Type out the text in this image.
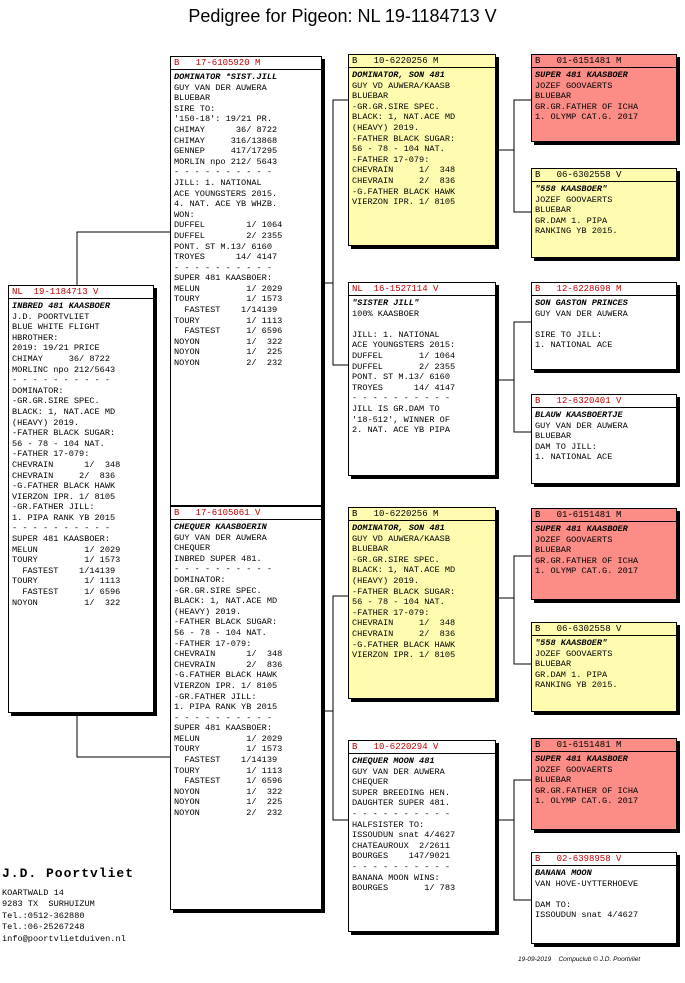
Pedigree for Pigeon: NL 19-1184713 V
NL  19-1184713 V
INBRED 481 KAASBOER
J.D. POORTVLIET
BLUE WHITE FLIGHT
HBROTHER:
2019: 19/21 PRICE
CHIMAY     36/ 8722
MORLINC npo 212/5643
- - - - - - - - - -
DOMINATOR:
-GR.GR.SIRE SPEC.
BLACK: 1, NAT.ACE MD
(HEAVY) 2019.
-FATHER BLACK SUGAR:
56 - 78 - 104 NAT.
-FATHER 17-079:
CHEVRAIN      1/  348
CHEVRAIN     2/  836
-G.FATHER BLACK HAWK
VIERZON IPR. 1/ 8105
-GR.FATHER JILL:
1. PIPA RANK YB 2015
- - - - - - - - - -
SUPER 481 KAASBOER:
MELUN         1/ 2029
TOURY         1/ 1573
FASTEST    1/14139
TOURY         1/ 1113
FASTEST     1/ 6596
NOYON         1/  322
B   17-6105920 M
DOMINATOR *SIST.JILL
GUY VAN DER AUWERA
BLUEBAR
SIRE TO:
'150-18': 19/21 PR.
CHIMAY      36/ 8722
CHIMAY     316/13868
GENNEP     417/17295
MORLIN npo 212/ 5643
- - - - - - - - - -
JILL: 1. NATIONAL
ACE YOUNGSTERS 2015.
4. NAT. ACE YB WHZB.
WON:
DUFFEL        1/ 1064
DUFFEL        2/ 2355
PONT. ST M.13/ 6160
TROYES      14/ 4147
- - - - - - - - - -
SUPER 481 KAASBOER:
MELUN         1/ 2029
TOURY         1/ 1573
FASTEST    1/14139
TOURY         1/ 1113
FASTEST     1/ 6596
NOYON         1/  322
NOYON         1/  225
NOYON         2/  232
B   17-6105061 V
CHEQUER KAASBOERIN
GUY VAN DER AUWERA
CHEQUER
INBRED SUPER 481.
- - - - - - - - - -
DOMINATOR:
-GR.GR.SIRE SPEC.
BLACK: 1, NAT.ACE MD
(HEAVY) 2019.
-FATHER BLACK SUGAR:
56 - 78 - 104 NAT.
-FATHER 17-079:
CHEVRAIN      1/  348
CHEVRAIN      2/  836
-G.FATHER BLACK HAWK
VIERZON IPR. 1/ 8105
-GR.FATHER JILL:
1. PIPA RANK YB 2015
- - - - - - - - - -
SUPER 481 KAASBOER:
MELUN         1/ 2029
TOURY         1/ 1573
FASTEST    1/14139
TOURY         1/ 1113
FASTEST     1/ 6596
NOYON         1/  322
NOYON         1/  225
NOYON         2/  232
B   10-6220256 M
DOMINATOR, SON 481
GUY VD AUWERA/KAASB
BLUEBAR
-GR.GR.SIRE SPEC.
BLACK: 1, NAT.ACE MD
(HEAVY) 2019.
-FATHER BLACK SUGAR:
56 - 78 - 104 NAT.
-FATHER 17-079:
CHEVRAIN     1/  348
CHEVRAIN     2/  836
-G.FATHER BLACK HAWK
VIERZON IPR. 1/ 8105
NL  16-1527114 V
"SISTER JILL"
100% KAASBOER
JILL: 1. NATIONAL
ACE YOUNGSTERS 2015:
DUFFEL       1/ 1064
DUFFEL       2/ 2355
PONT. ST M.13/ 6160
TROYES      14/ 4147
- - - - - - - - - -
JILL IS GR.DAM TO
'18-512', WINNER OF
2. NAT. ACE YB PIPA
B   10-6220256 M
DOMINATOR, SON 481
GUY VD AUWERA/KAASB
BLUEBAR
-GR.GR.SIRE SPEC.
BLACK: 1, NAT.ACE MD
(HEAVY) 2019.
-FATHER BLACK SUGAR:
56 - 78 - 104 NAT.
-FATHER 17-079:
CHEVRAIN     1/  348
CHEVRAIN     2/  836
-G.FATHER BLACK HAWK
VIERZON IPR. 1/ 8105
B   10-6220294 V
CHEQUER MOON 481
GUY VAN DER AUWERA
CHEQUER
SUPER BREEDING HEN.
DAUGHTER SUPER 481.
- - - - - - - - - -
HALFSISTER TO:
ISSOUDUN snat 4/4627
CHATEAUROUX  2/2611
BOURGES    147/9021
- - - - - - - - - -
BANANA MOON WINS:
BOURGES       1/ 783
B   01-6151481 M
SUPER 481 KAASBOER
JOZEF GOOVAERTS
BLUEBAR
GR.GR.FATHER OF ICHA
1. OLYMP CAT.G. 2017
B   06-6302558 V
"558 KAASBOER"
JOZEF GOOVAERTS
BLUEBAR
GR.DAM 1. PIPA
RANKING YB 2015.
B   12-6228698 M
SON GASTON PRINCES
GUY VAN DER AUWERA
SIRE TO JILL:
1. NATIONAL ACE
B   12-6320401 V
BLAUW KAASBOERTJE
GUY VAN DER AUWERA
BLUEBAR
DAM TO JILL:
1. NATIONAL ACE
B   01-6151481 M
SUPER 481 KAASBOER
JOZEF GOOVAERTS
BLUEBAR
GR.GR.FATHER OF ICHA
1. OLYMP CAT.G. 2017
B   06-6302558 V
"558 KAASBOER"
JOZEF GOOVAERTS
BLUEBAR
GR.DAM 1. PIPA
RANKING YB 2015.
B   01-6151481 M
SUPER 481 KAASBOER
JOZEF GOOVAERTS
BLUEBAR
GR.GR.FATHER OF ICHA
1. OLYMP CAT.G. 2017
B   02-6398958 V
BANANA MOON
VAN HOVE-UYTTERHOEVE
DAM TO:
ISSOUDUN snat 4/4627
J.D. Poortvliet
KOARTWALD 14
9283 TX  SURHUIZUM
Tel.:0512-362880
Tel.:06-25267248
info@poortvlietduiven.nl
19-09-2019    Compuclub © J.D. Poortvliet
